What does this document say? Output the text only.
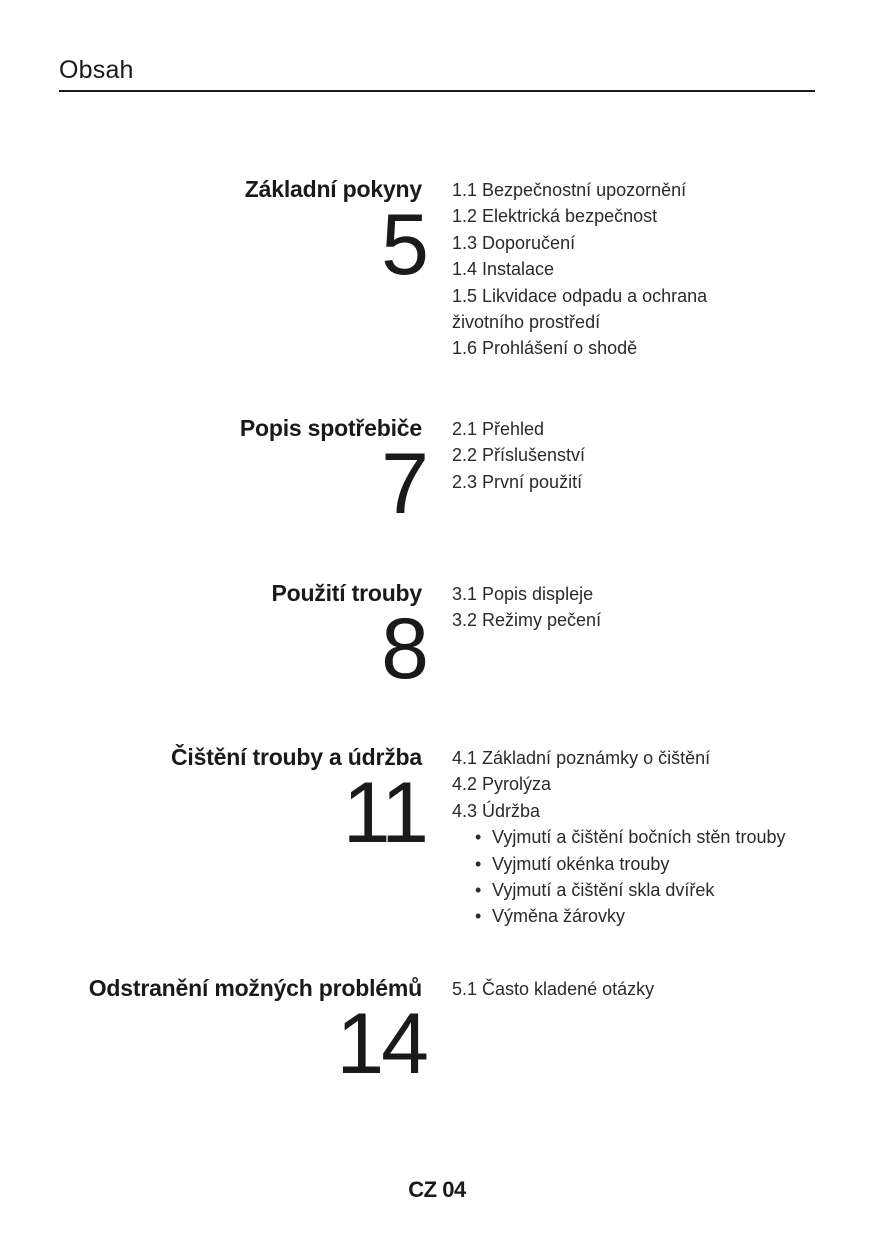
Obsah
Základní pokyny
5
1.1 Bezpečnostní upozornění
1.2 Elektrická bezpečnost
1.3 Doporučení
1.4 Instalace
1.5 Likvidace odpadu a ochrana
životního prostředí
1.6 Prohlášení o shodě
Popis spotřebiče
7
2.1 Přehled
2.2 Příslušenství
2.3 První použití
Použití trouby
8
3.1 Popis displeje
3.2 Režimy pečení
Čištění trouby a údržba
11
4.1 Základní poznámky o čištění
4.2 Pyrolýza
4.3 Údržba
• Vyjmutí a čištění bočních stěn trouby
• Vyjmutí okénka trouby
• Vyjmutí a čištění skla dvířek
• Výměna žárovky
Odstranění možných problémů
14
5.1 Často kladené otázky
CZ 04
